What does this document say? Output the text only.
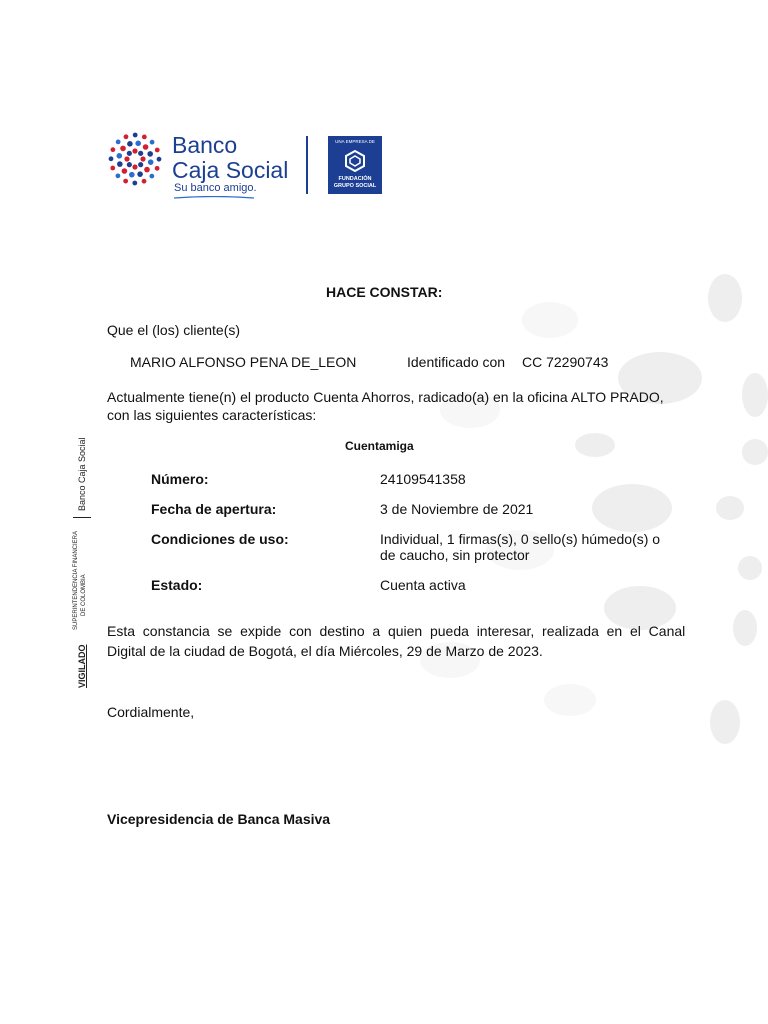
Banco
Caja Social
Su banco amigo.
UNA EMPRESA DE
FUNDACIÓN
GRUPO SOCIAL
VIGILADO
SUPERINTENDENCIA FINANCIERA DE COLOMBIA
Banco Caja Social
HACE CONSTAR:
Que el (los) cliente(s)
MARIO ALFONSO PENA DE_LEON	Identificado con CC 72290743
Actualmente tiene(n) el producto Cuenta Ahorros, radicado(a) en la oficina ALTO PRADO,
con las siguientes características:
Cuentamiga
Número:	24109541358
Fecha de apertura:	3 de Noviembre de 2021
Condiciones de uso:	Individual, 1 firmas(s), 0 sello(s) húmedo(s) o
de caucho, sin protector
Estado:	Cuenta activa
Esta  constancia  se  expide  con  destino  a  quien  pueda  interesar,  realizada  en  el  Canal
Digital de la ciudad de Bogotá, el día Miércoles, 29 de Marzo de 2023.
Cordialmente,
Vicepresidencia de Banca Masiva
